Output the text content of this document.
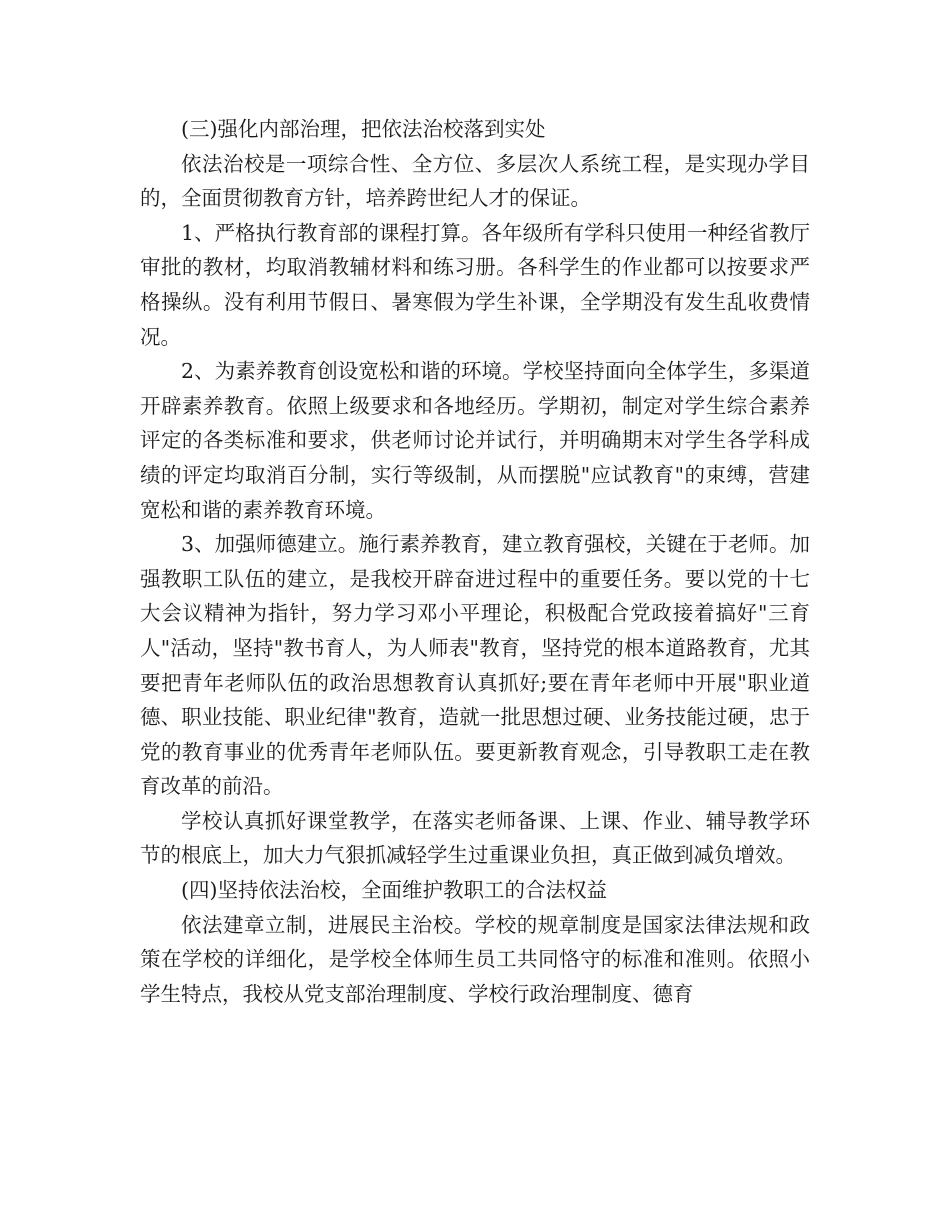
(三)强化内部治理，把依法治校落到实处

依法治校是一项综合性、全方位、多层次人系统工程，是实现办学目的，全面贯彻教育方针，培养跨世纪人才的保证。

1、严格执行教育部的课程打算。各年级所有学科只使用一种经省教厅审批的教材，均取消教辅材料和练习册。各科学生的作业都可以按要求严格操纵。没有利用节假日、暑寒假为学生补课，全学期没有发生乱收费情况。

2、为素养教育创设宽松和谐的环境。学校坚持面向全体学生，多渠道开辟素养教育。依照上级要求和各地经历。学期初，制定对学生综合素养评定的各类标准和要求，供老师讨论并试行，并明确期末对学生各学科成绩的评定均取消百分制，实行等级制，从而摆脱"应试教育"的束缚，营建宽松和谐的素养教育环境。

3、加强师德建立。施行素养教育，建立教育强校，关键在于老师。加强教职工队伍的建立，是我校开辟奋进过程中的重要任务。要以党的十七大会议精神为指针，努力学习邓小平理论，积极配合党政接着搞好"三育人"活动，坚持"教书育人，为人师表"教育，坚持党的根本道路教育，尤其要把青年老师队伍的政治思想教育认真抓好;要在青年老师中开展"职业道德、职业技能、职业纪律"教育，造就一批思想过硬、业务技能过硬，忠于党的教育事业的优秀青年老师队伍。要更新教育观念，引导教职工走在教育改革的前沿。

学校认真抓好课堂教学，在落实老师备课、上课、作业、辅导教学环节的根底上，加大力气狠抓减轻学生过重课业负担，真正做到减负增效。

(四)坚持依法治校，全面维护教职工的合法权益

依法建章立制，进展民主治校。学校的规章制度是国家法律法规和政策在学校的详细化，是学校全体师生员工共同恪守的标准和准则。依照小学生特点，我校从党支部治理制度、学校行政治理制度、德育
